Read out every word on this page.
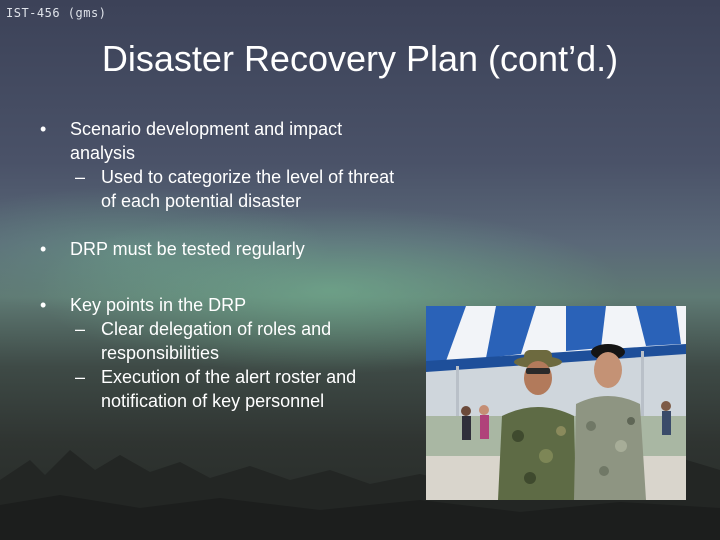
IST-456 (gms)
Disaster Recovery Plan (cont’d.)

• Scenario development and impact analysis

– Used to categorize the level of threat of each potential disaster

• DRP must be tested regularly

• Key points in the DRP

– Clear delegation of roles and responsibilities

– Execution of the alert roster and notification of key personnel
